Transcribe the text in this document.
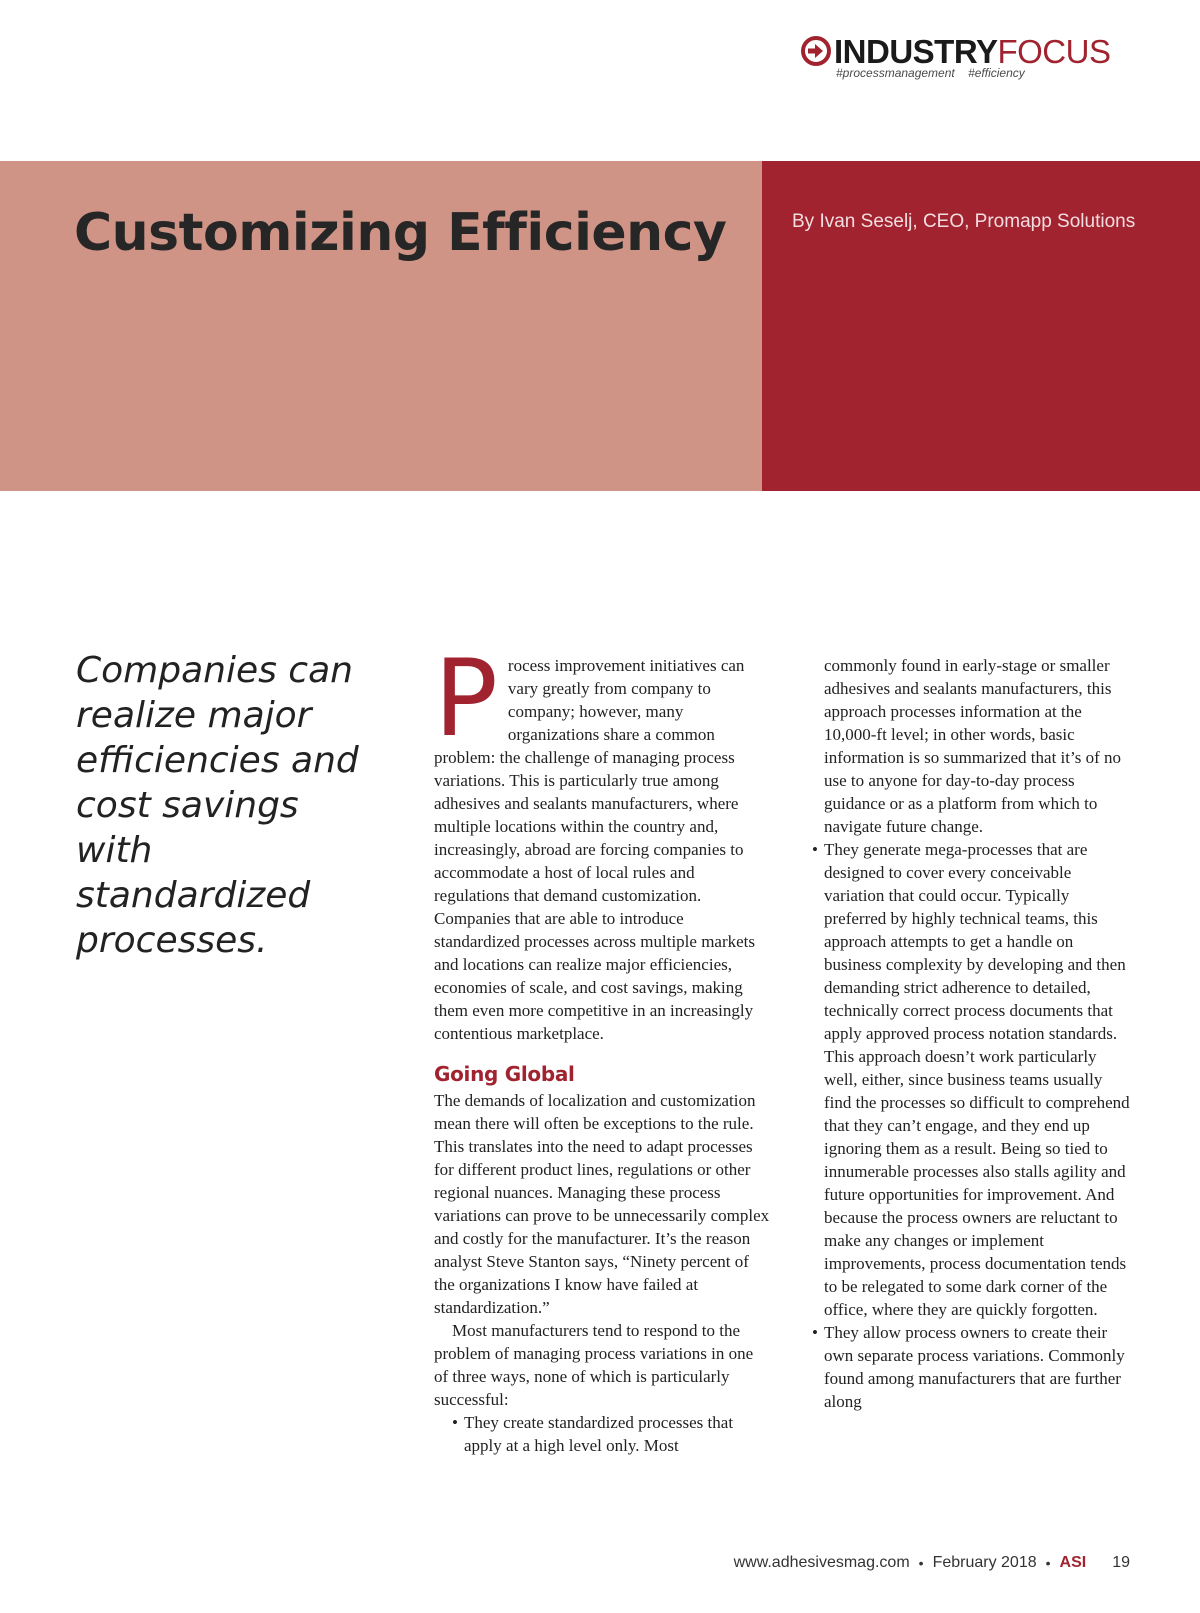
INDUSTRY FOCUS
#processmanagement #efficiency
Customizing Efficiency	By Ivan Seselj, CEO, Promapp Solutions

Companies can realize major efficiencies and cost savings with standardized processes.

Process improvement initiatives can vary greatly from company to company; however, many organizations share a common problem: the challenge of managing process variations. This is particularly true among adhesives and sealants manufacturers, where multiple locations within the country and, increasingly, abroad are forcing companies to accommodate a host of local rules and regulations that demand customization. Companies that are able to introduce standardized processes across multiple markets and locations can realize major efficiencies, economies of scale, and cost savings, making them even more competitive in an increasingly contentious marketplace.

Going Global

The demands of localization and customization mean there will often be exceptions to the rule. This translates into the need to adapt processes for different product lines, regulations or other regional nuances. Managing these process variations can prove to be unnecessarily complex and costly for the manufacturer. It’s the reason analyst Steve Stanton says, “Ninety percent of the organizations I know have failed at standardization.”

Most manufacturers tend to respond to the problem of managing process variations in one of three ways, none of which is particularly successful:

• They create standardized processes that apply at a high level only. Most

commonly found in early-stage or smaller adhesives and sealants manufacturers, this approach processes information at the 10,000-ft level; in other words, basic information is so summarized that it’s of no use to anyone for day-to-day process guidance or as a platform from which to navigate future change.

• They generate mega-processes that are designed to cover every conceivable variation that could occur. Typically preferred by highly technical teams, this approach attempts to get a handle on business complexity by developing and then demanding strict adherence to detailed, technically correct process documents that apply approved process notation standards. This approach doesn’t work particularly well, either, since business teams usually find the processes so difficult to comprehend that they can’t engage, and they end up ignoring them as a result. Being so tied to innumerable processes also stalls agility and future opportunities for improvement. And because the process owners are reluctant to make any changes or implement improvements, process documentation tends to be relegated to some dark corner of the office, where they are quickly forgotten.
• They allow process owners to create their own separate process variations. Commonly found among manufacturers that are further along
www.adhesivesmag.com • February 2018 • ASI 19
